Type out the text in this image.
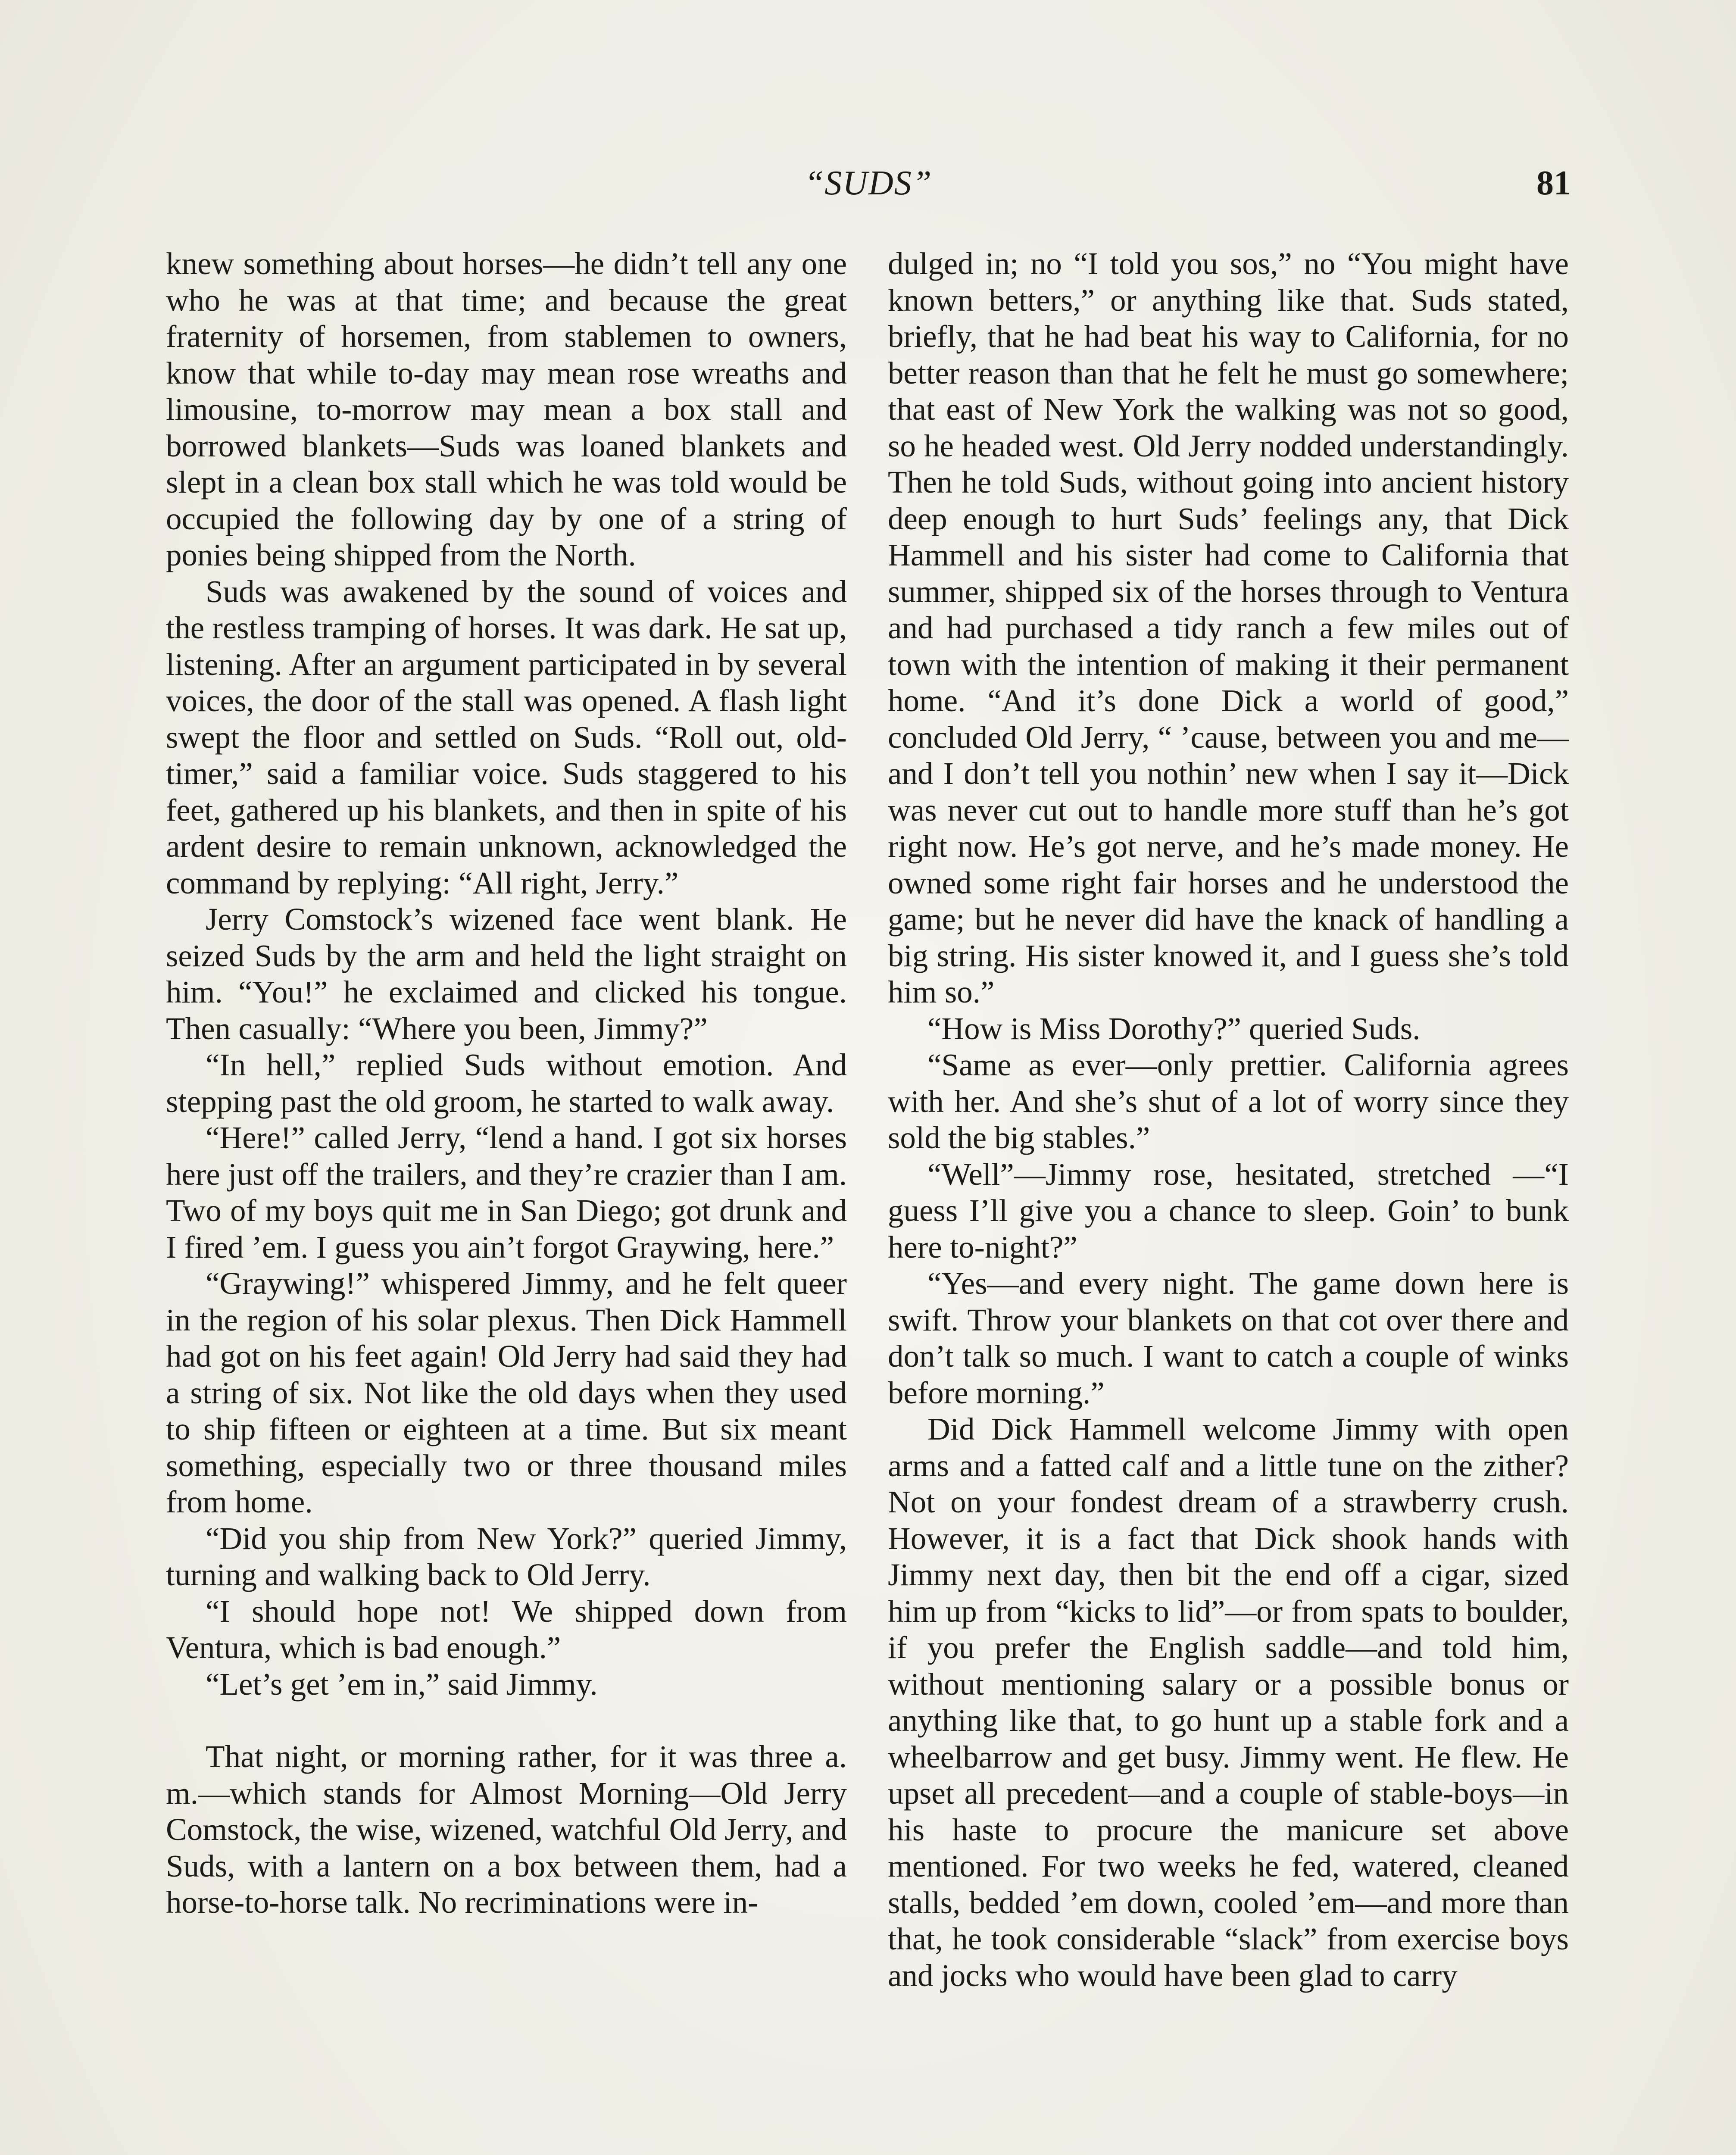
“SUDS”	81

knew something about horses—he didn’t tell any one who he was at that time; and because the great fraternity of horsemen, from stablemen to owners, know that while to-day may mean rose wreaths and limousine, to-morrow may mean a box stall and borrowed blankets—Suds was loaned blankets and slept in a clean box stall which he was told would be occupied the following day by one of a string of ponies being shipped from the North.

Suds was awakened by the sound of voices and the restless tramping of horses. It was dark. He sat up, listening. After an argument participated in by several voices, the door of the stall was opened. A flash light swept the floor and settled on Suds. “Roll out, old-timer,” said a familiar voice. Suds staggered to his feet, gathered up his blankets, and then in spite of his ardent desire to remain unknown, acknowledged the command by replying: “All right, Jerry.”

Jerry Comstock’s wizened face went blank. He seized Suds by the arm and held the light straight on him. “You!” he exclaimed and clicked his tongue. Then casually: “Where you been, Jimmy?”

“In hell,” replied Suds without emotion. And stepping past the old groom, he started to walk away.

“Here!” called Jerry, “lend a hand. I got six horses here just off the trailers, and they’re crazier than I am. Two of my boys quit me in San Diego; got drunk and I fired ’em. I guess you ain’t forgot Graywing, here.”

“Graywing!” whispered Jimmy, and he felt queer in the region of his solar plexus. Then Dick Hammell had got on his feet again! Old Jerry had said they had a string of six. Not like the old days when they used to ship fifteen or eighteen at a time. But six meant something, especially two or three thousand miles from home.

“Did you ship from New York?” queried Jimmy, turning and walking back to Old Jerry.

“I should hope not! We shipped down from Ventura, which is bad enough.”

“Let’s get ’em in,” said Jimmy.

That night, or morning rather, for it was three a. m.—which stands for Almost Morning—Old Jerry Comstock, the wise, wizened, watchful Old Jerry, and Suds, with a lantern on a box between them, had a horse-to-horse talk. No recriminations were in-

dulged in; no “I told you sos,” no “You might have known betters,” or anything like that. Suds stated, briefly, that he had beat his way to California, for no better reason than that he felt he must go somewhere; that east of New York the walking was not so good, so he headed west. Old Jerry nodded understandingly. Then he told Suds, without going into ancient history deep enough to hurt Suds’ feelings any, that Dick Hammell and his sister had come to California that summer, shipped six of the horses through to Ventura and had purchased a tidy ranch a few miles out of town with the intention of making it their permanent home. “And it’s done Dick a world of good,” concluded Old Jerry, “ ’cause, between you and me—and I don’t tell you nothin’ new when I say it—Dick was never cut out to handle more stuff than he’s got right now. He’s got nerve, and he’s made money. He owned some right fair horses and he understood the game; but he never did have the knack of handling a big string. His sister knowed it, and I guess she’s told him so.”

“How is Miss Dorothy?” queried Suds.

“Same as ever—only prettier. California agrees with her. And she’s shut of a lot of worry since they sold the big stables.”

“Well”—Jimmy rose, hesitated, stretched —“I guess I’ll give you a chance to sleep. Goin’ to bunk here to-night?”

“Yes—and every night. The game down here is swift. Throw your blankets on that cot over there and don’t talk so much. I want to catch a couple of winks before morning.”

Did Dick Hammell welcome Jimmy with open arms and a fatted calf and a little tune on the zither? Not on your fondest dream of a strawberry crush. However, it is a fact that Dick shook hands with Jimmy next day, then bit the end off a cigar, sized him up from “kicks to lid”—or from spats to boulder, if you prefer the English saddle—and told him, without mentioning salary or a possible bonus or anything like that, to go hunt up a stable fork and a wheelbarrow and get busy. Jimmy went. He flew. He upset all precedent—and a couple of stable-boys—in his haste to procure the manicure set above mentioned. For two weeks he fed, watered, cleaned stalls, bedded ’em down, cooled ’em—and more than that, he took considerable “slack” from exercise boys and jocks who would have been glad to carry
